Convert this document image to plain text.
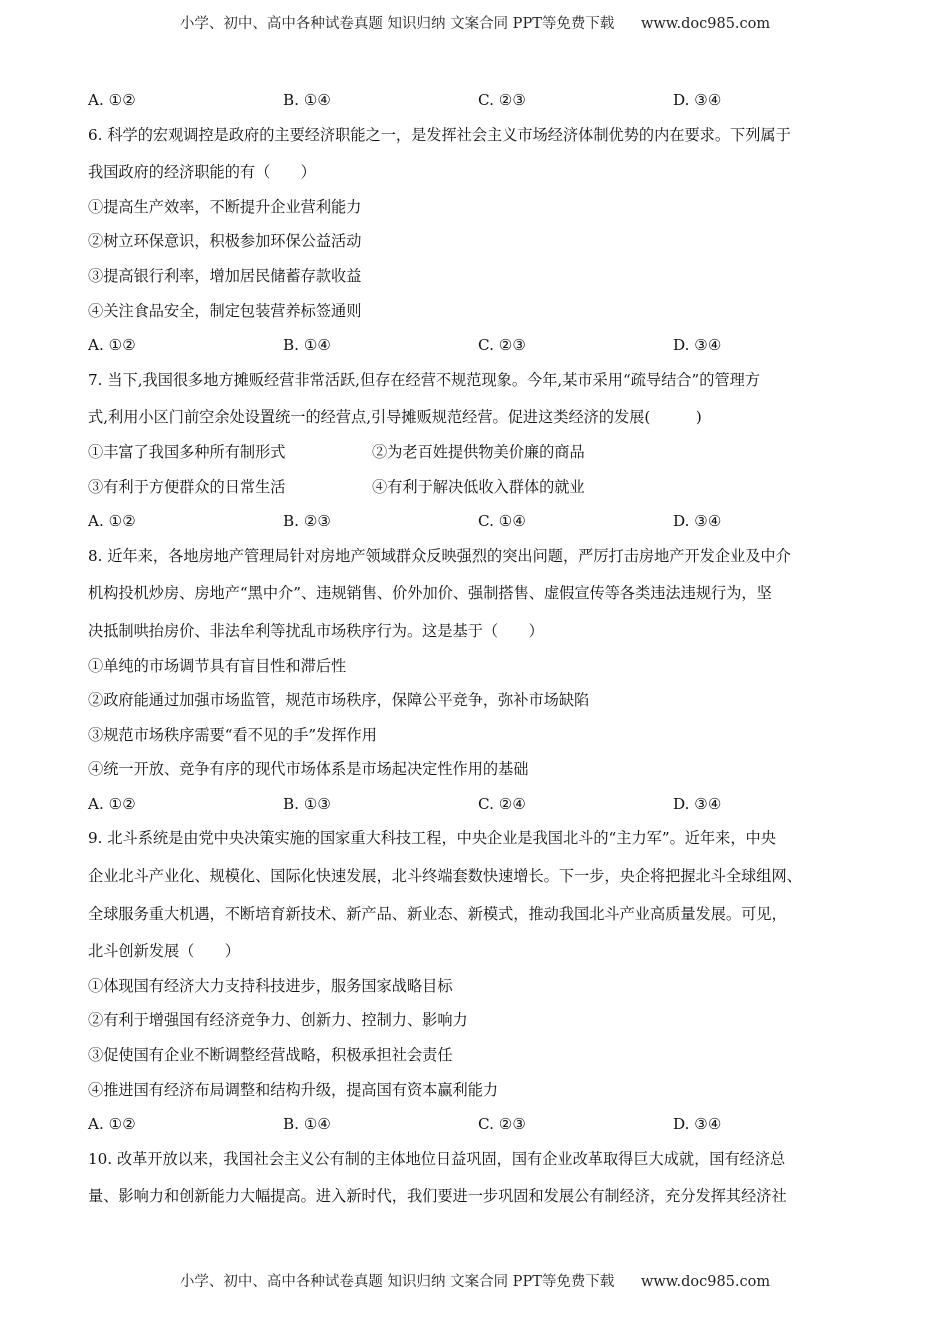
小学、初中、高中各种试卷真题 知识归纳 文案合同 PPT等免费下载 www.doc985.com
A. ①②	B. ①④	C. ②③	D. ③④
6. 科学的宏观调控是政府的主要经济职能之一，是发挥社会主义市场经济体制优势的内在要求。下列属于
我国政府的经济职能的有（　　）
①提高生产效率，不断提升企业营利能力
②树立环保意识，积极参加环保公益活动
③提高银行利率，增加居民储蓄存款收益
④关注食品安全，制定包装营养标签通则
A. ①②	B. ①④	C. ②③	D. ③④
7. 当下,我国很多地方摊贩经营非常活跃,但存在经营不规范现象。今年,某市采用“疏导结合”的管理方
式,利用小区门前空余处设置统一的经营点,引导摊贩规范经营。促进这类经济的发展(　　　)
①丰富了我国多种所有制形式	②为老百姓提供物美价廉的商品
③有利于方便群众的日常生活	④有利于解决低收入群体的就业
A. ①②	B. ②③	C. ①④	D. ③④
8. 近年来，各地房地产管理局针对房地产领域群众反映强烈的突出问题，严厉打击房地产开发企业及中介
机构投机炒房、房地产“黑中介”、违规销售、价外加价、强制搭售、虚假宣传等各类违法违规行为，坚
决抵制哄抬房价、非法牟利等扰乱市场秩序行为。这是基于（　　）
①单纯的市场调节具有盲目性和滞后性
②政府能通过加强市场监管，规范市场秩序，保障公平竞争，弥补市场缺陷
③规范市场秩序需要“看不见的手”发挥作用
④统一开放、竞争有序的现代市场体系是市场起决定性作用的基础
A. ①②	B. ①③	C. ②④	D. ③④
9. 北斗系统是由党中央决策实施的国家重大科技工程，中央企业是我国北斗的“主力军”。近年来，中央
企业北斗产业化、规模化、国际化快速发展，北斗终端套数快速增长。下一步，央企将把握北斗全球组网、
全球服务重大机遇，不断培育新技术、新产品、新业态、新模式，推动我国北斗产业高质量发展。可见，
北斗创新发展（　　）
①体现国有经济大力支持科技进步，服务国家战略目标
②有利于增强国有经济竞争力、创新力、控制力、影响力
③促使国有企业不断调整经营战略，积极承担社会责任
④推进国有经济布局调整和结构升级，提高国有资本赢利能力
A. ①②	B. ①④	C. ②③	D. ③④
10. 改革开放以来，我国社会主义公有制的主体地位日益巩固，国有企业改革取得巨大成就，国有经济总
量、影响力和创新能力大幅提高。进入新时代，我们要进一步巩固和发展公有制经济，充分发挥其经济社
小学、初中、高中各种试卷真题 知识归纳 文案合同 PPT等免费下载 www.doc985.com
